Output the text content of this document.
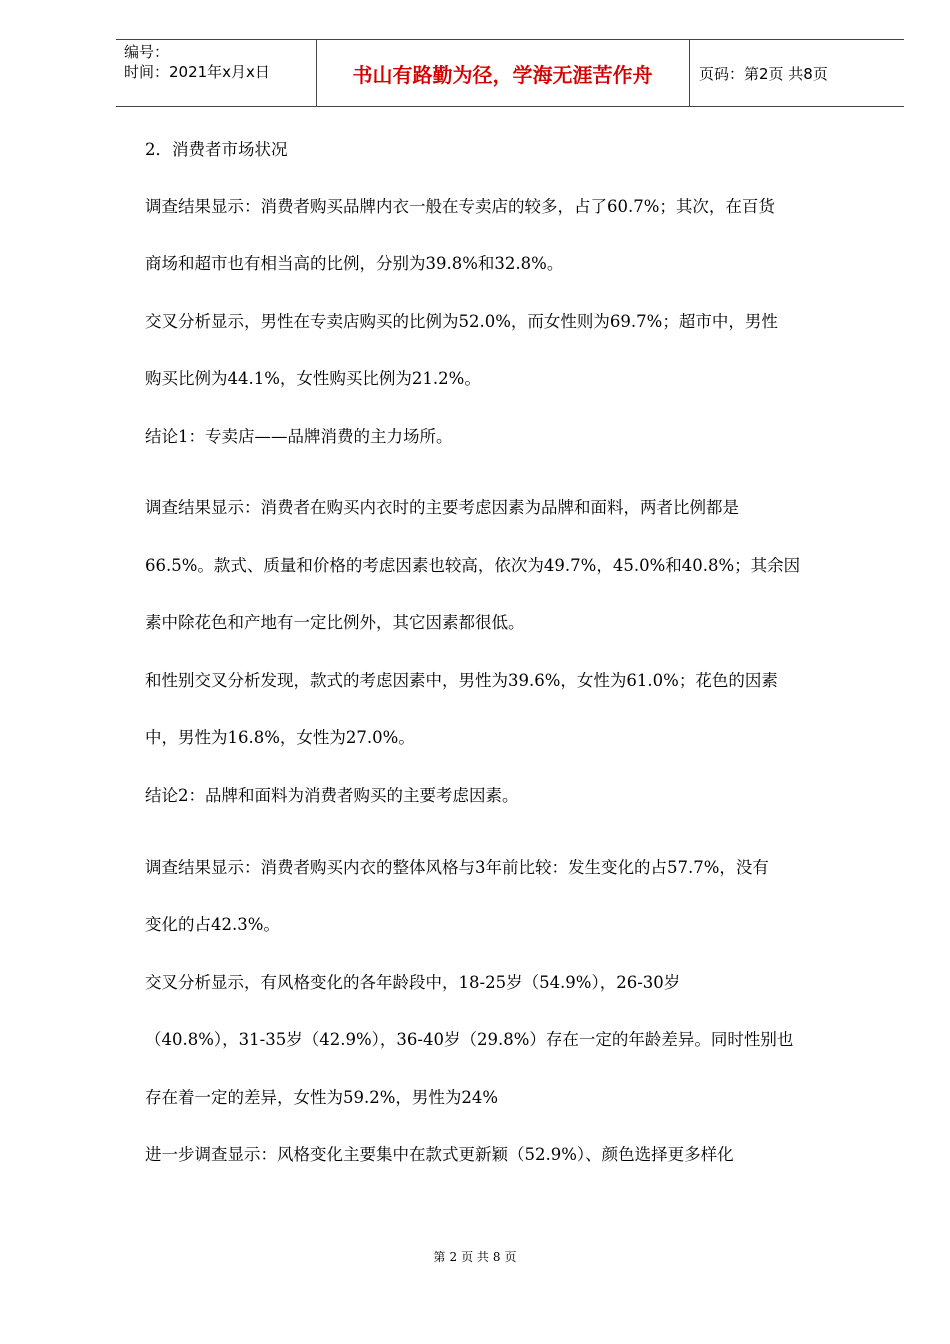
编号：
时间：2021年x月x日	书山有路勤为径，学海无涯苦作舟	页码：第2页 共8页
2．消费者市场状况
调查结果显示：消费者购买品牌内衣一般在专卖店的较多，占了60.7%；其次，在百货
商场和超市也有相当高的比例，分别为39.8%和32.8%。
交叉分析显示，男性在专卖店购买的比例为52.0%，而女性则为69.7%；超市中，男性
购买比例为44.1%，女性购买比例为21.2%。
结论1：专卖店——品牌消费的主力场所。
调查结果显示：消费者在购买内衣时的主要考虑因素为品牌和面料，两者比例都是
66.5%。款式、质量和价格的考虑因素也较高，依次为49.7%，45.0%和40.8%；其余因
素中除花色和产地有一定比例外，其它因素都很低。
和性别交叉分析发现，款式的考虑因素中，男性为39.6%，女性为61.0%；花色的因素
中，男性为16.8%，女性为27.0%。
结论2：品牌和面料为消费者购买的主要考虑因素。
调查结果显示：消费者购买内衣的整体风格与3年前比较：发生变化的占57.7%，没有
变化的占42.3%。
交叉分析显示，有风格变化的各年龄段中，18-25岁（54.9%），26-30岁
（40.8%），31-35岁（42.9%），36-40岁（29.8%）存在一定的年龄差异。同时性别也
存在着一定的差异，女性为59.2%，男性为24%
进一步调查显示：风格变化主要集中在款式更新颖（52.9%）、颜色选择更多样化
第 2 页 共 8 页
